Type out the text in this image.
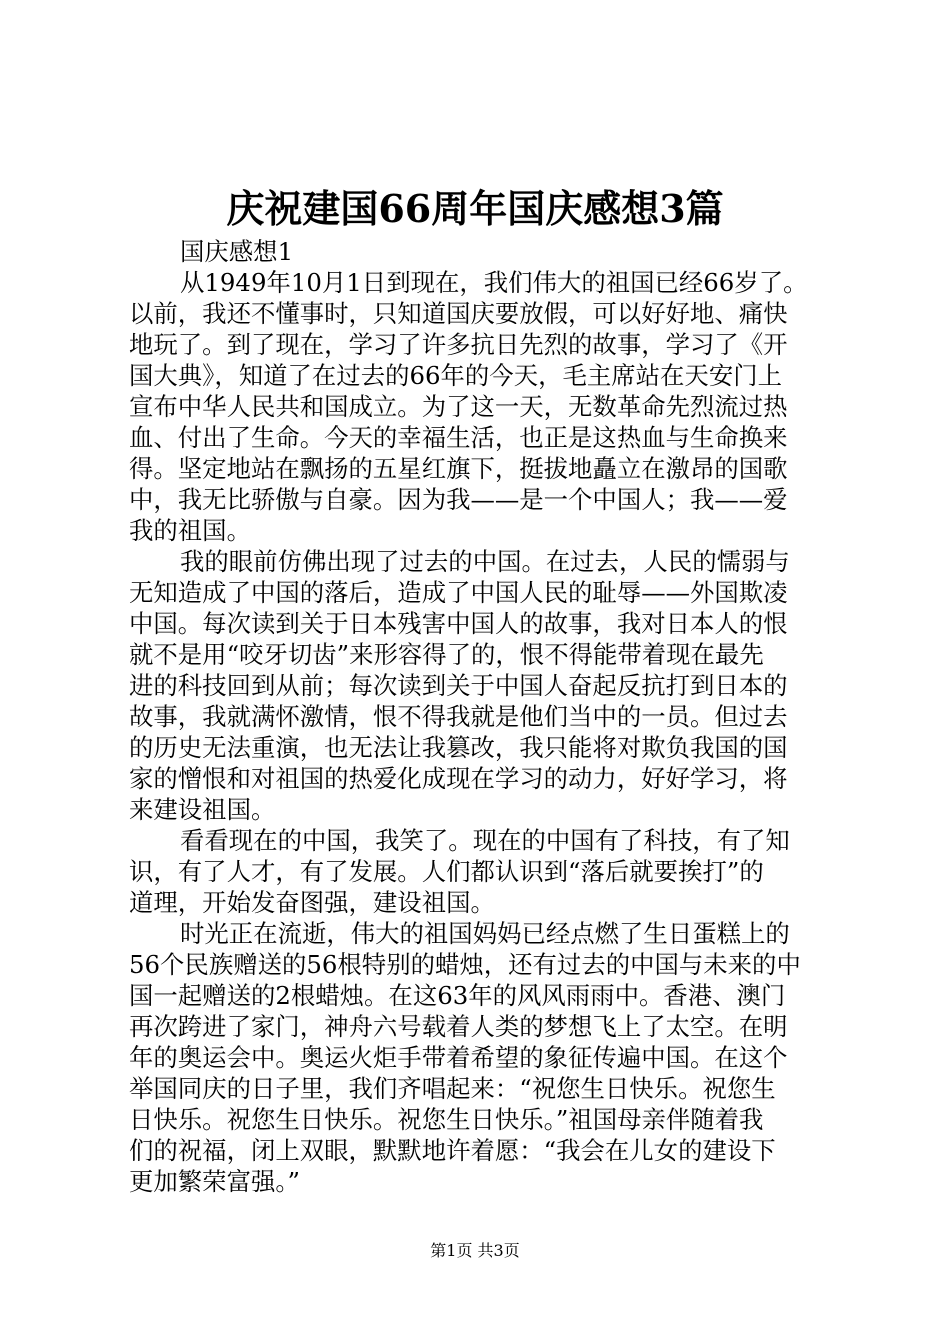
庆祝建国66周年国庆感想3篇
国庆感想1
从1949年10月1日到现在，我们伟大的祖国已经66岁了。
以前，我还不懂事时，只知道国庆要放假，可以好好地、痛快
地玩了。到了现在，学习了许多抗日先烈的故事，学习了《开
国大典》，知道了在过去的66年的今天，毛主席站在天安门上
宣布中华人民共和国成立。为了这一天，无数革命先烈流过热
血、付出了生命。今天的幸福生活，也正是这热血与生命换来
得。坚定地站在飘扬的五星红旗下，挺拔地矗立在激昂的国歌
中，我无比骄傲与自豪。因为我——是一个中国人；我——爱
我的祖国。
我的眼前仿佛出现了过去的中国。在过去，人民的懦弱与
无知造成了中国的落后，造成了中国人民的耻辱——外国欺凌
中国。每次读到关于日本残害中国人的故事，我对日本人的恨
就不是用“咬牙切齿”来形容得了的，恨不得能带着现在最先
进的科技回到从前；每次读到关于中国人奋起反抗打到日本的
故事，我就满怀激情，恨不得我就是他们当中的一员。但过去
的历史无法重演，也无法让我篡改，我只能将对欺负我国的国
家的憎恨和对祖国的热爱化成现在学习的动力，好好学习，将
来建设祖国。
看看现在的中国，我笑了。现在的中国有了科技，有了知
识，有了人才，有了发展。人们都认识到“落后就要挨打”的
道理，开始发奋图强，建设祖国。
时光正在流逝，伟大的祖国妈妈已经点燃了生日蛋糕上的
56个民族赠送的56根特别的蜡烛，还有过去的中国与未来的中
国一起赠送的2根蜡烛。在这63年的风风雨雨中。香港、澳门
再次跨进了家门，神舟六号载着人类的梦想飞上了太空。在明
年的奥运会中。奥运火炬手带着希望的象征传遍中国。在这个
举国同庆的日子里，我们齐唱起来：“祝您生日快乐。祝您生
日快乐。祝您生日快乐。祝您生日快乐。”祖国母亲伴随着我
们的祝福，闭上双眼，默默地许着愿：“我会在儿女的建设下
更加繁荣富强。”
第1页 共3页
